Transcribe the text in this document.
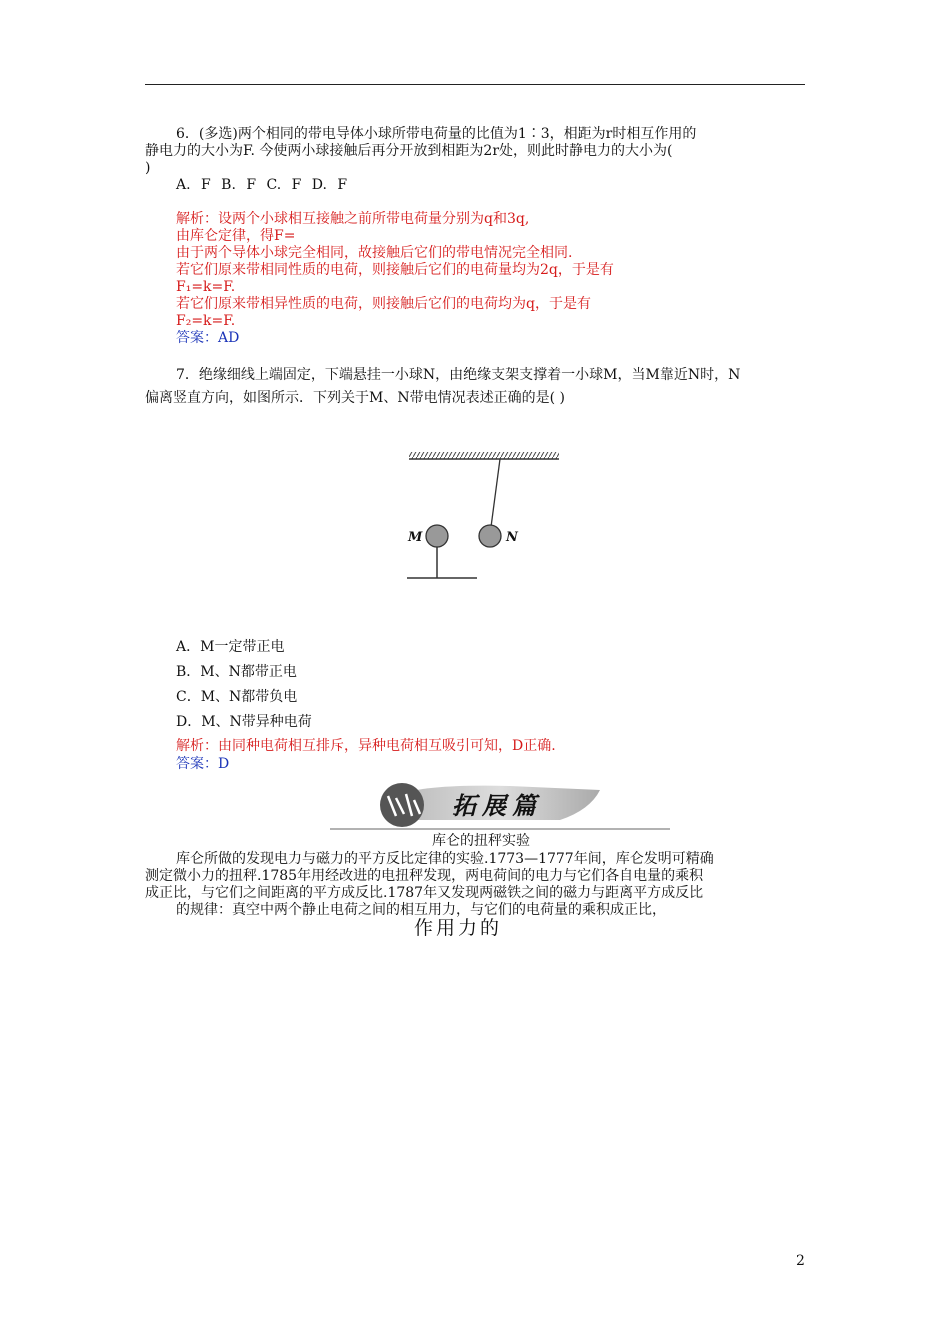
6．(多选)两个相同的带电导体小球所带电荷量的比值为1∶3，相距为r时相互作用的
静电力的大小为F. 今使两小球接触后再分开放到相距为2r处，则此时静电力的大小为(
)
A. F B. F C. F D. F
解析：设两个小球相互接触之前所带电荷量分别为q和3q,
由库仑定律，得F=
由于两个导体小球完全相同，故接触后它们的带电情况完全相同.
若它们原来带相同性质的电荷，则接触后它们的电荷量均为2q，于是有
F₁=k=F.
若它们原来带相异性质的电荷，则接触后它们的电荷均为q，于是有
F₂=k=F.
答案：AD
7．绝缘细线上端固定，下端悬挂一小球N，由绝缘支架支撑着一小球M，当M靠近N时，N
偏离竖直方向，如图所示．下列关于M、N带电情况表述正确的是( )
M	N
A．M一定带正电
B．M、N都带正电
C．M、N都带负电
D．M、N带异种电荷
解析：由同种电荷相互排斥，异种电荷相互吸引可知，D正确.
答案：D
拓展篇
库仑的扭秤实验
库仑所做的发现电力与磁力的平方反比定律的实验.1773—1777年间，库仑发明可精确
测定微小力的扭秤.1785年用经改进的电扭秤发现，两电荷间的电力与它们各自电量的乘积
成正比，与它们之间距离的平方成反比.1787年又发现两磁铁之间的磁力与距离平方成反比
的规律：真空中两个静止电荷之间的相互用力，与它们的电荷量的乘积成正比，
作用力的
2
